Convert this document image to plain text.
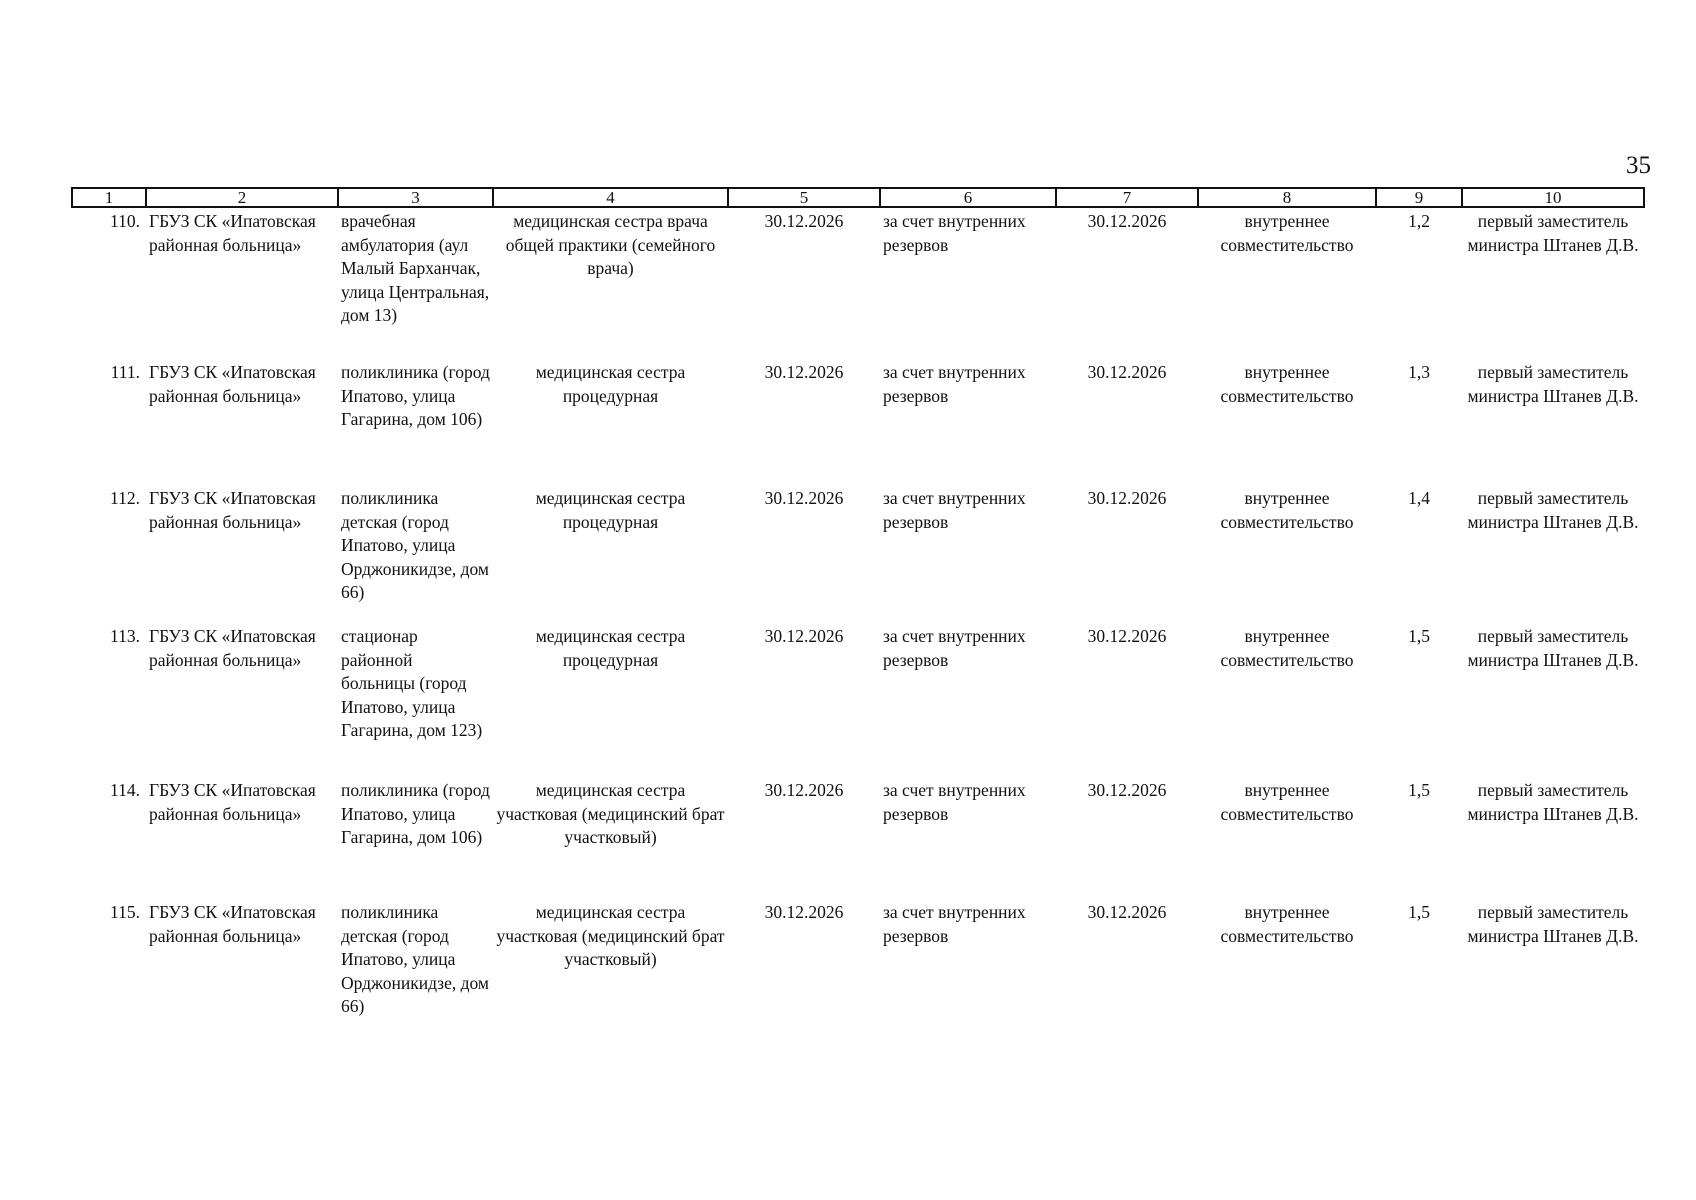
35
1	2	3	4	5	6	7	8	9	10
110.	ГБУЗ СК «Ипатовская районная больница»	врачебная амбулатория (аул Малый Барханчак, улица Центральная, дом 13)	медицинская сестра врача общей практики (семейного врача)	30.12.2026	за счет внутренних резервов	30.12.2026	внутреннее совместительство	1,2	первый заместитель министра Штанев Д.В.
111.	ГБУЗ СК «Ипатовская районная больница»	поликлиника (город Ипатово, улица Гагарина, дом 106)	медицинская сестра процедурная	30.12.2026	за счет внутренних резервов	30.12.2026	внутреннее совместительство	1,3	первый заместитель министра Штанев Д.В.
112.	ГБУЗ СК «Ипатовская районная больница»	поликлиника детская (город Ипатово, улица Орджоникидзе, дом 66)	медицинская сестра процедурная	30.12.2026	за счет внутренних резервов	30.12.2026	внутреннее совместительство	1,4	первый заместитель министра Штанев Д.В.
113.	ГБУЗ СК «Ипатовская районная больница»	стационар районной больницы (город Ипатово, улица Гагарина, дом 123)	медицинская сестра процедурная	30.12.2026	за счет внутренних резервов	30.12.2026	внутреннее совместительство	1,5	первый заместитель министра Штанев Д.В.
114.	ГБУЗ СК «Ипатовская районная больница»	поликлиника (город Ипатово, улица Гагарина, дом 106)	медицинская сестра участковая (медицинский брат участковый)	30.12.2026	за счет внутренних резервов	30.12.2026	внутреннее совместительство	1,5	первый заместитель министра Штанев Д.В.
115.	ГБУЗ СК «Ипатовская районная больница»	поликлиника детская (город Ипатово, улица Орджоникидзе, дом 66)	медицинская сестра участковая (медицинский брат участковый)	30.12.2026	за счет внутренних резервов	30.12.2026	внутреннее совместительство	1,5	первый заместитель министра Штанев Д.В.
